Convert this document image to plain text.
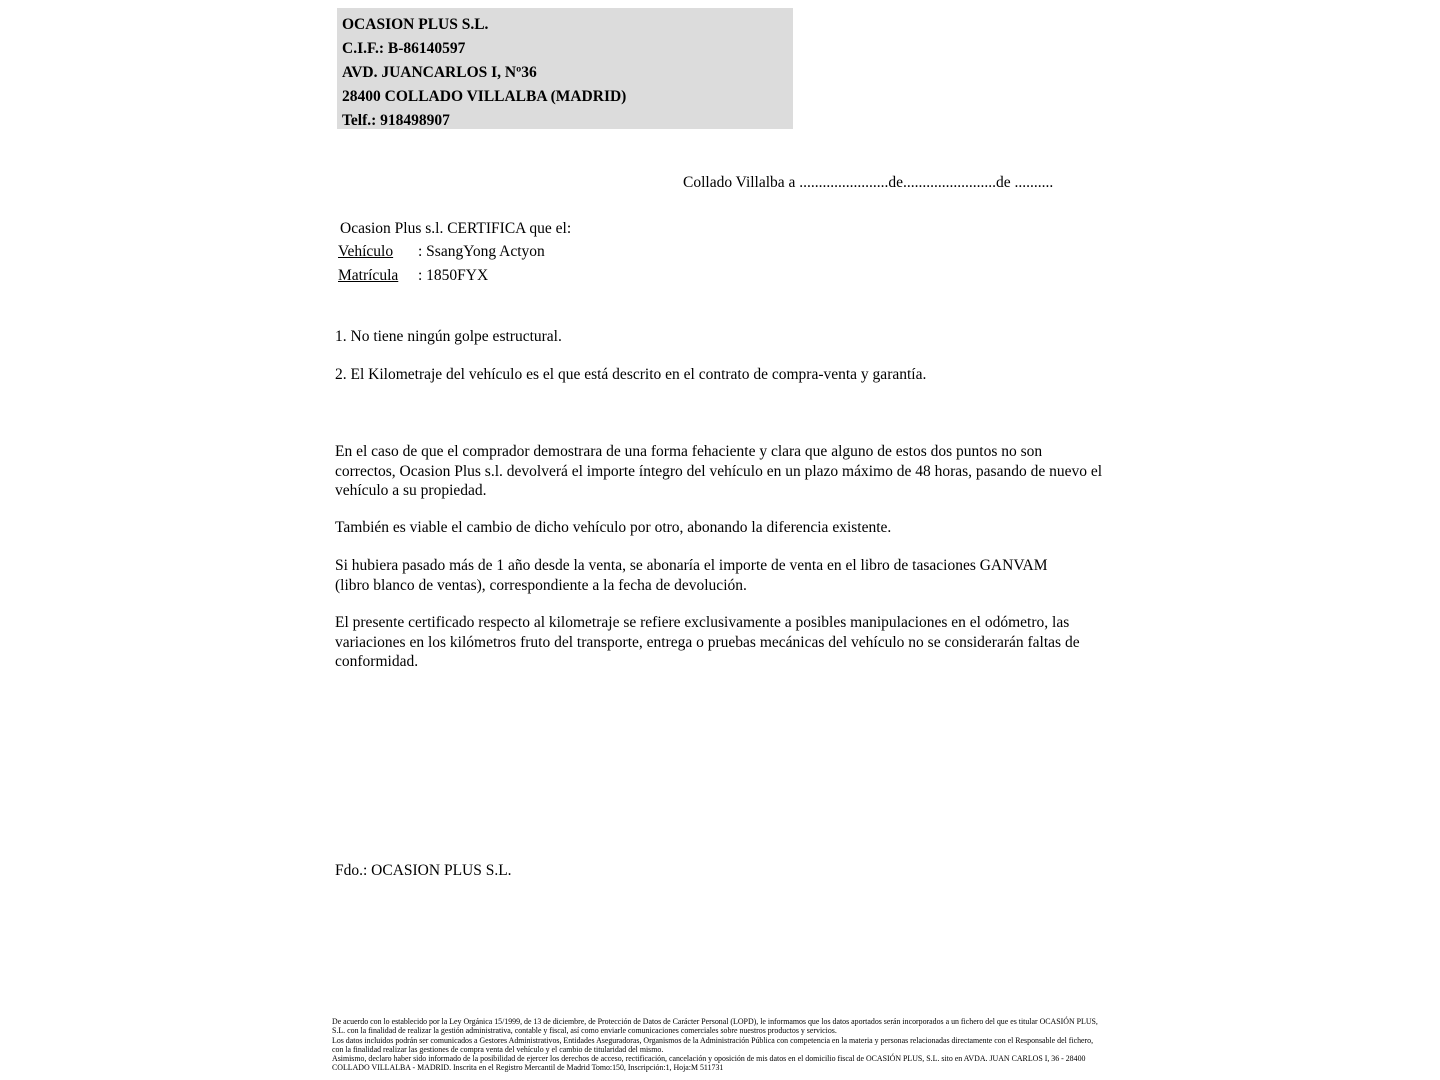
OCASION PLUS S.L.
C.I.F.: B-86140597
AVD. JUANCARLOS I, Nº36
28400 COLLADO VILLALBA (MADRID)
Telf.: 918498907
Collado Villalba a .......................de........................de ..........
Ocasion Plus s.l. CERTIFICA que el:
Vehículo : SsangYong Actyon
Matrícula : 1850FYX
1. No tiene ningún golpe estructural.
2. El Kilometraje del vehículo es el que está descrito en el contrato de compra-venta y garantía.
En el caso de que el comprador demostrara de una forma fehaciente y clara que alguno de estos dos puntos no son correctos, Ocasion Plus s.l. devolverá el importe íntegro del vehículo en un plazo máximo de 48 horas, pasando de nuevo el vehículo a su propiedad.
También es viable el cambio de dicho vehículo por otro, abonando la diferencia existente.
Si hubiera pasado más de 1 año desde la venta, se abonaría el importe de venta en el libro de tasaciones GANVAM (libro blanco de ventas), correspondiente a la fecha de devolución.
El presente certificado respecto al kilometraje se refiere exclusivamente a posibles manipulaciones en el odómetro, las variaciones en los kilómetros fruto del transporte, entrega o pruebas mecánicas del vehículo no se considerarán faltas de conformidad.
Fdo.: OCASION PLUS S.L.

De acuerdo con lo establecido por la Ley Orgánica 15/1999, de 13 de diciembre, de Protección de Datos de Carácter Personal (LOPD), le informamos que los datos aportados serán incorporados a un fichero del que es titular OCASIÓN PLUS, S.L. con la finalidad de realizar la gestión administrativa, contable y fiscal, así como enviarle comunicaciones comerciales sobre nuestros productos y servicios.

Los datos incluidos podrán ser comunicados a Gestores Administrativos, Entidades Aseguradoras, Organismos de la Administración Pública con competencia en la materia y personas relacionadas directamente con el Responsable del fichero, con la finalidad realizar las gestiones de compra venta del vehículo y el cambio de titularidad del mismo.

Asimismo, declaro haber sido informado de la posibilidad de ejercer los derechos de acceso, rectificación, cancelación y oposición de mis datos en el domicilio fiscal de OCASIÓN PLUS, S.L. sito en AVDA. JUAN CARLOS I, 36 - 28400 COLLADO VILLALBA - MADRID. Inscrita en el Registro Mercantil de Madrid Tomo:150, Inscripción:1, Hoja:M 511731
